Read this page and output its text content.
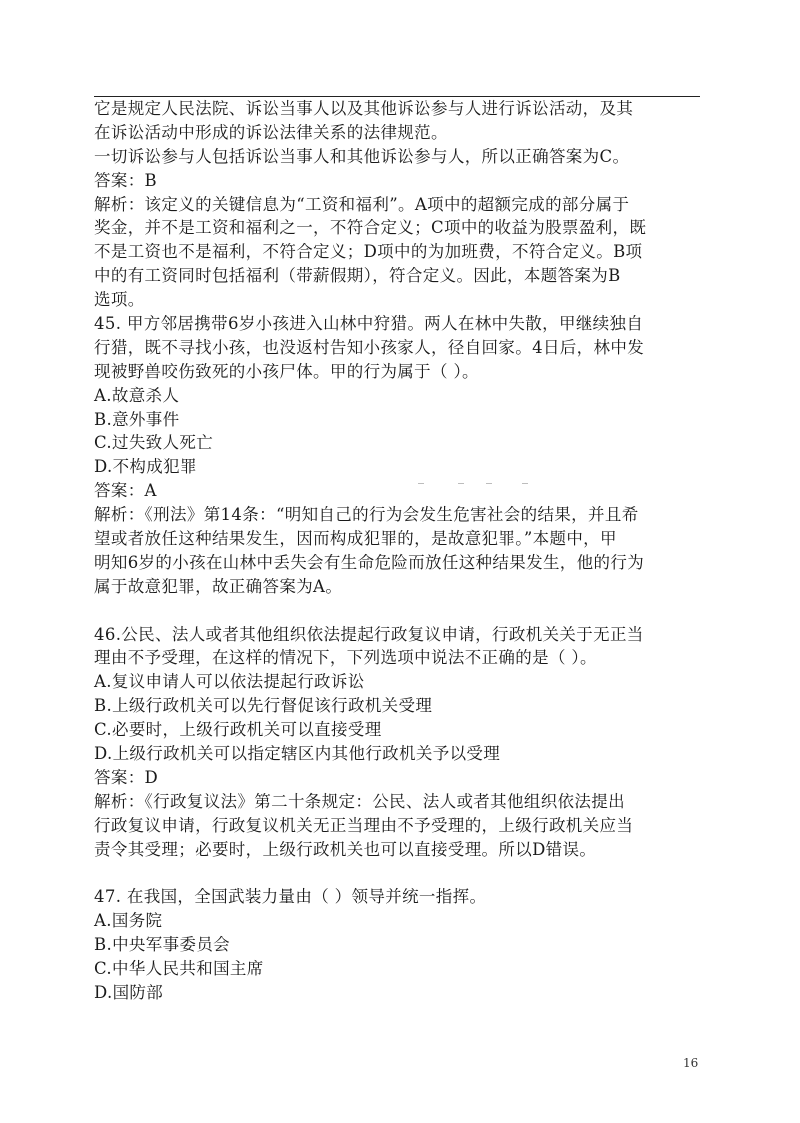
它是规定人民法院、诉讼当事人以及其他诉讼参与人进行诉讼活动，及其
在诉讼活动中形成的诉讼法律关系的法律规范。
一切诉讼参与人包括诉讼当事人和其他诉讼参与人，所以正确答案为C。
答案：B
解析：该定义的关键信息为“工资和福利”。A项中的超额完成的部分属于
奖金，并不是工资和福利之一，不符合定义；C项中的收益为股票盈利，既
不是工资也不是福利，不符合定义；D项中的为加班费，不符合定义。B项
中的有工资同时包括福利（带薪假期），符合定义。因此，本题答案为B
选项。
45. 甲方邻居携带6岁小孩进入山林中狩猎。两人在林中失散，甲继续独自
行猎，既不寻找小孩，也没返村告知小孩家人，径自回家。4日后，林中发
现被野兽咬伤致死的小孩尸体。甲的行为属于（ ）。
A.故意杀人
B.意外事件
C.过失致人死亡
D.不构成犯罪
答案：A
解析：《刑法》第14条：“明知自己的行为会发生危害社会的结果，并且希
望或者放任这种结果发生，因而构成犯罪的，是故意犯罪。”本题中，甲
明知6岁的小孩在山林中丢失会有生命危险而放任这种结果发生，他的行为
属于故意犯罪，故正确答案为A。
46.公民、法人或者其他组织依法提起行政复议申请，行政机关关于无正当
理由不予受理，在这样的情况下，下列选项中说法不正确的是（ ）。
A.复议申请人可以依法提起行政诉讼
B.上级行政机关可以先行督促该行政机关受理
C.必要时，上级行政机关可以直接受理
D.上级行政机关可以指定辖区内其他行政机关予以受理
答案：D
解析：《行政复议法》第二十条规定：公民、法人或者其他组织依法提出
行政复议申请，行政复议机关无正当理由不予受理的，上级行政机关应当
责令其受理；必要时，上级行政机关也可以直接受理。所以D错误。
47. 在我国，全国武装力量由（ ）领导并统一指挥。
A.国务院
B.中央军事委员会
C.中华人民共和国主席
D.国防部
16
